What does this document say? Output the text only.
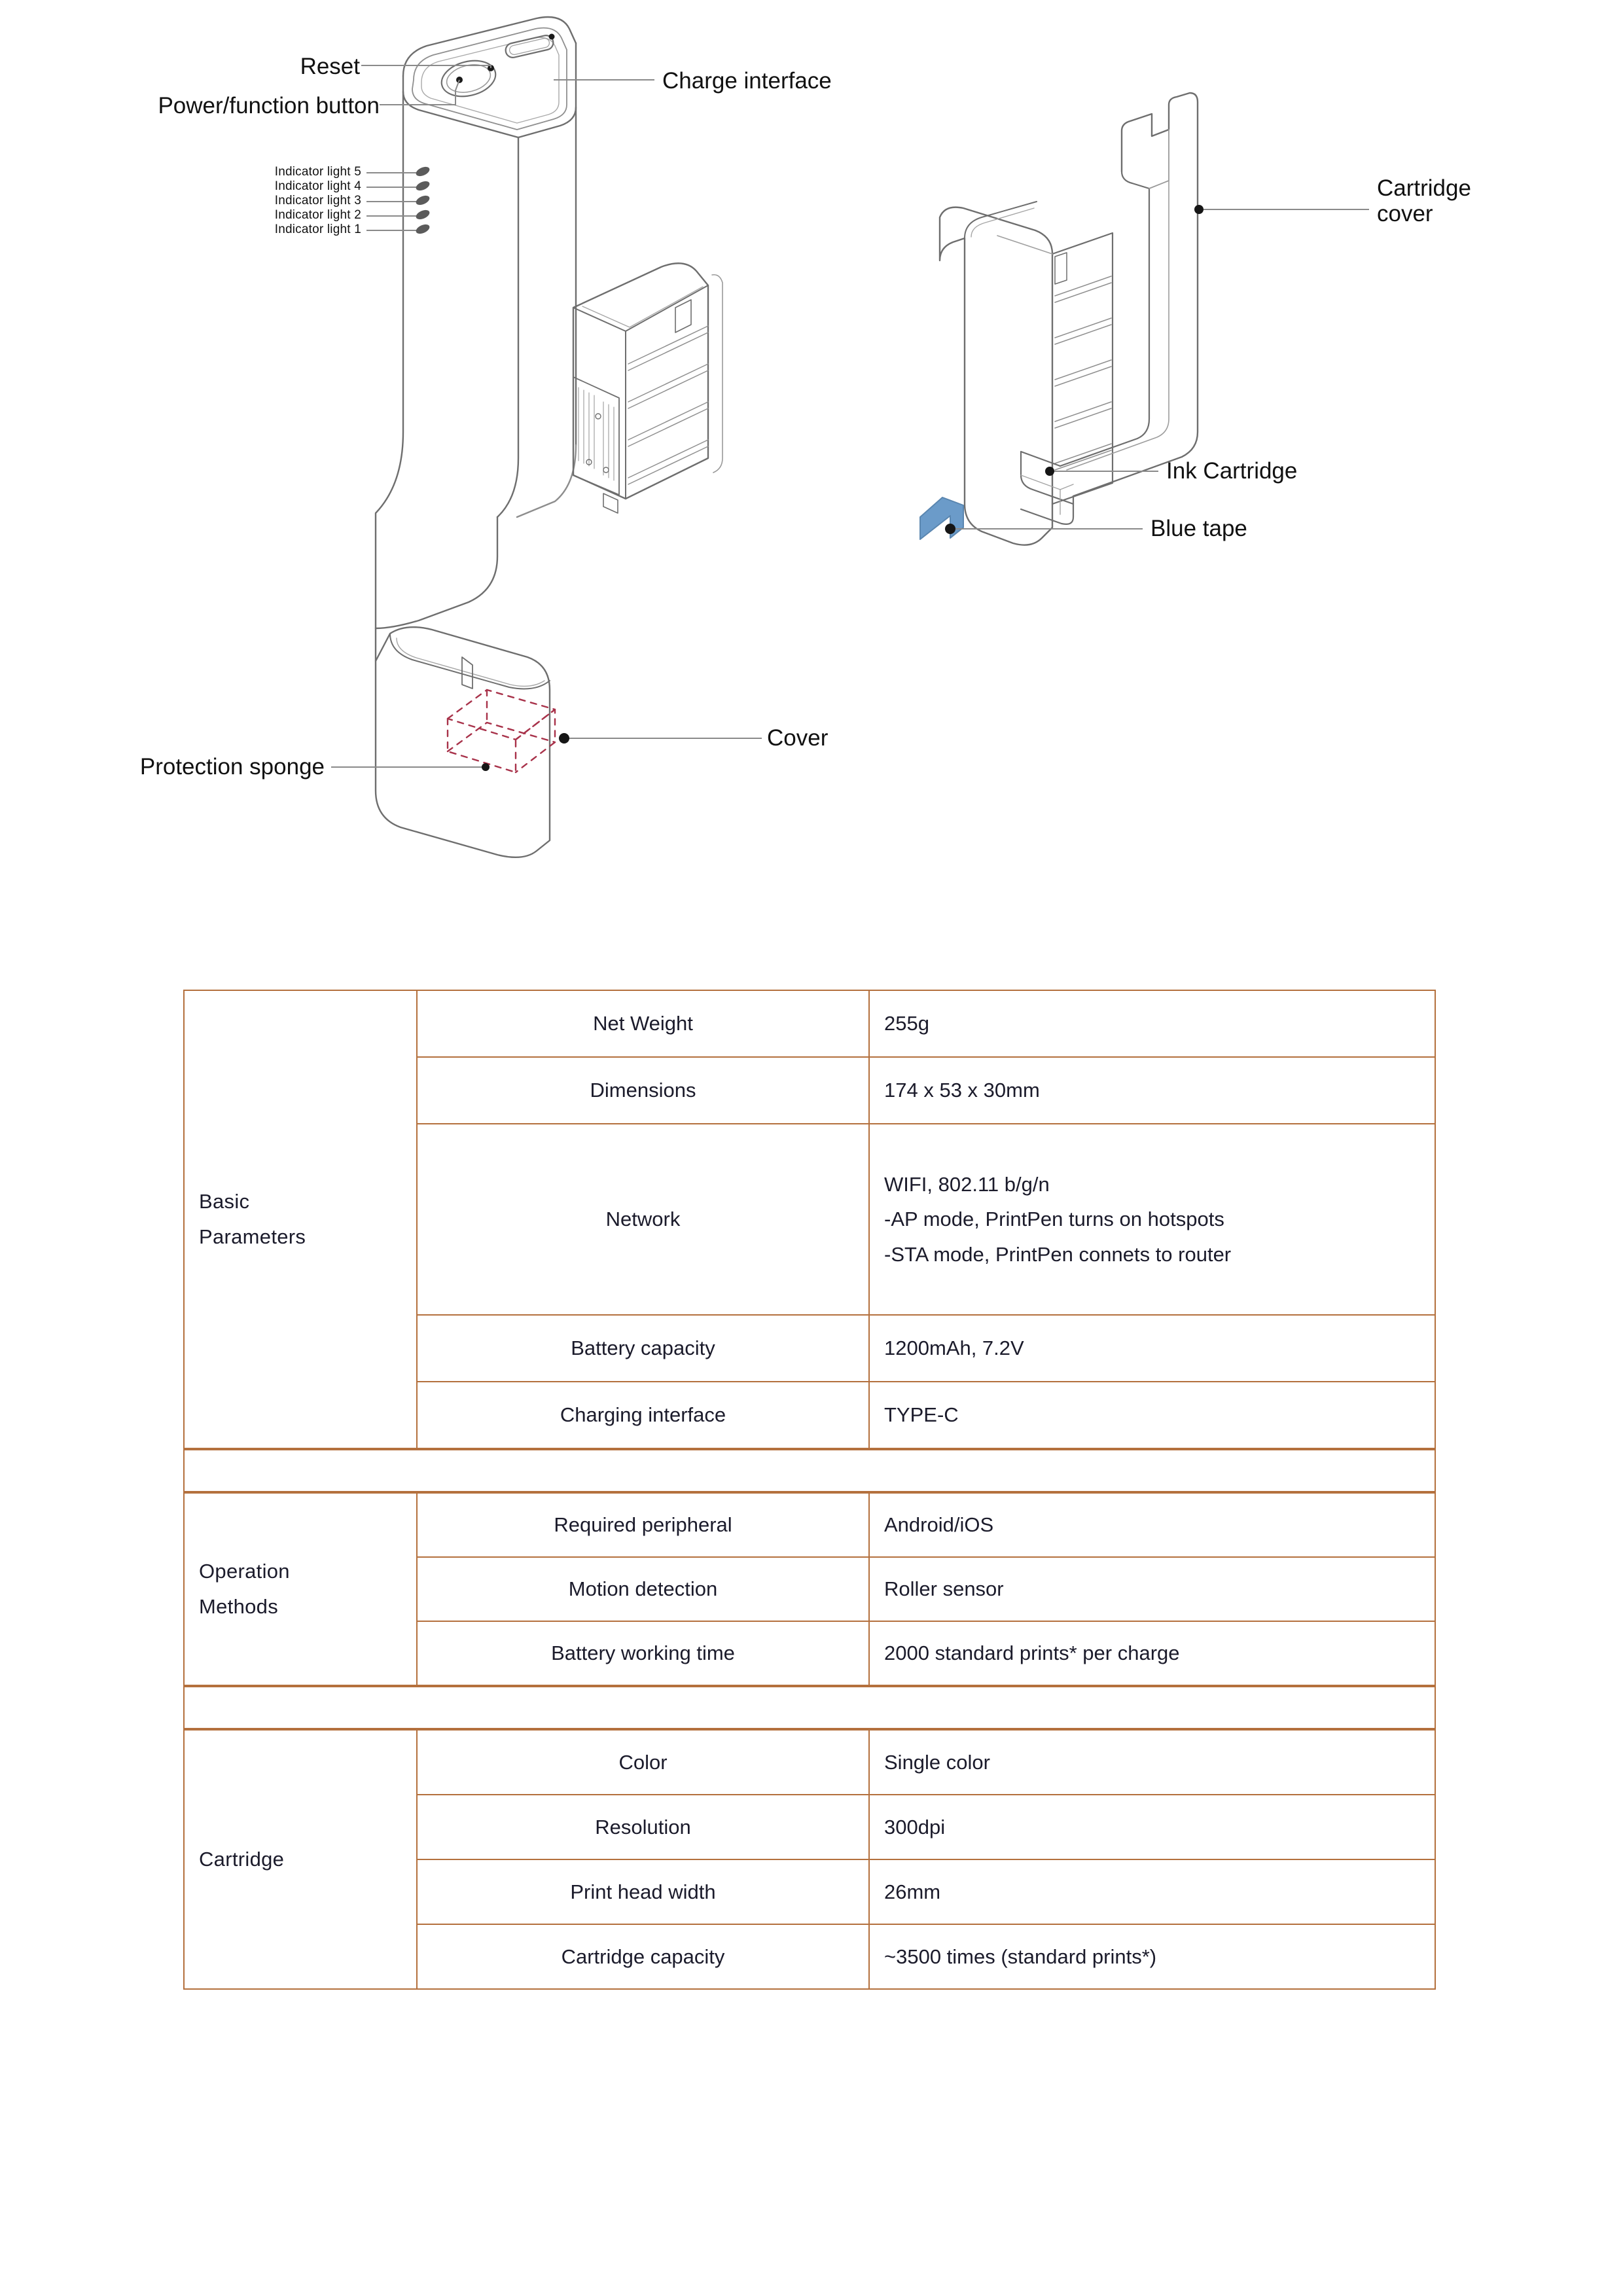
Reset
Power/function button
Charge interface
Cartridge
cover
Ink Cartridge
Blue tape
Cover
Protection sponge
Indicator light 5
Indicator light 4
Indicator light 3
Indicator light 2
Indicator light 1
Basic
Parameters	Net Weight	255g

	Dimensions	174 x 53 x 30mm

	Network	WIFI, 802.11 b/g/n
-AP mode, PrintPen turns on hotspots
-STA mode, PrintPen connets to router

	Battery capacity	1200mAh, 7.2V

	Charging interface	TYPE-C

Operation
Methods	Required peripheral	Android/iOS

	Motion detection	Roller sensor

	Battery working time	2000 standard prints* per charge

Cartridge	Color	Single color

	Resolution	300dpi

	Print head width	26mm

	Cartridge capacity	~3500 times (standard prints*)
